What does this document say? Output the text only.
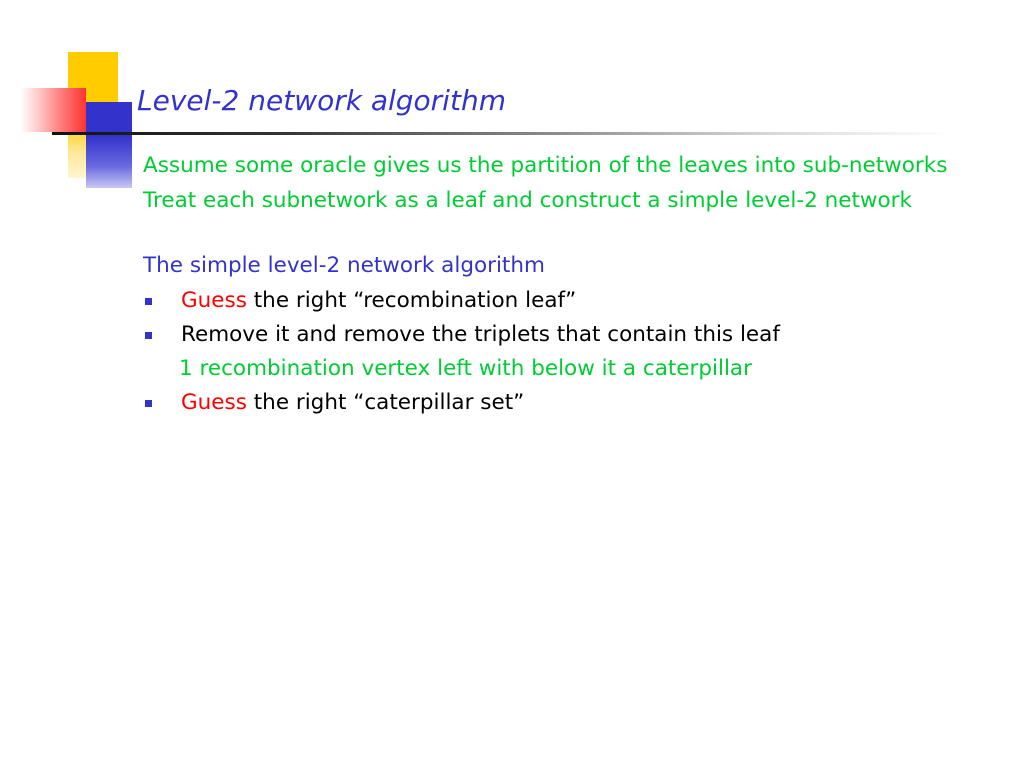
Level-2 network algorithm

Assume some oracle gives us the partition of the leaves into sub-networks

Treat each subnetwork as a leaf and construct a simple level-2 network

The simple level-2 network algorithm

Guess the right “recombination leaf”
Remove it and remove the triplets that contain this leaf

1 recombination vertex left with below it a caterpillar

Guess the right “caterpillar set”
